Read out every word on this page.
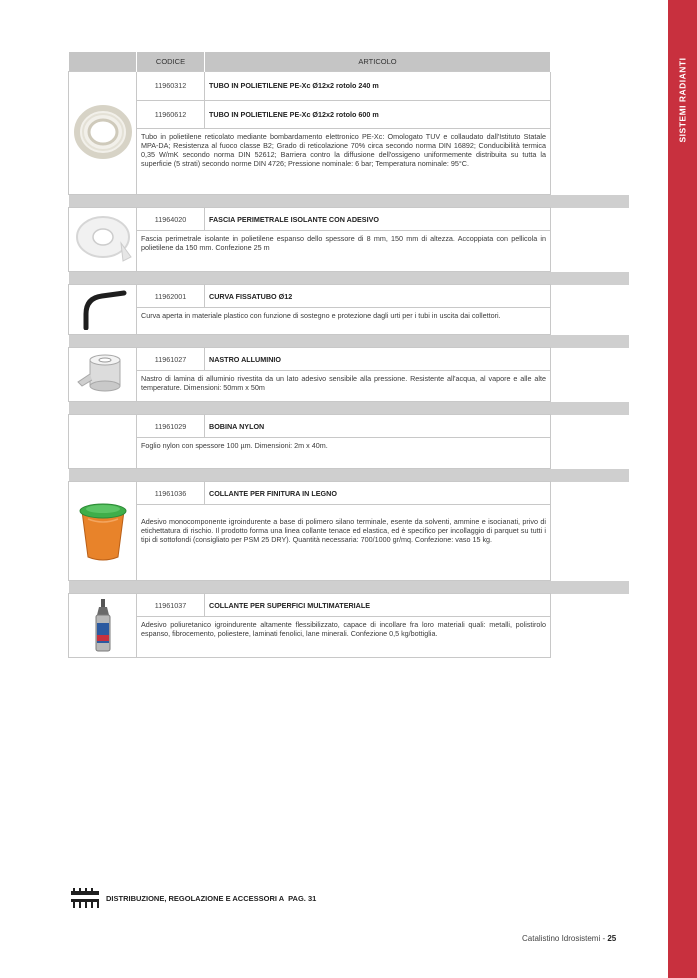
SISTEMI RADIANTI
	CODICE	ARTICOLO	
	11960312	TUBO IN POLIETILENE PE-Xc Ø12x2 rotolo 240 m	
	11960612	TUBO IN POLIETILENE PE-Xc Ø12x2 rotolo 600 m	
	Tubo in polietilene reticolato mediante bombardamento elettronico PE-Xc: Omologato TUV e collaudato dall'Istituto Statale MPA-DA; Resistenza al fuoco classe B2; Grado di reticolazione 70% circa secondo norma DIN 16892; Conducibilità termica 0,35 W/mK secondo norma DIN 52612; Barriera contro la diffusione dell'ossigeno uniformemente distribuita su tutta la superficie (5 strati) secondo norme DIN 4726; Pressione nominale: 6 bar; Temperatura nominale: 95°C.		

	11964020	FASCIA PERIMETRALE ISOLANTE CON ADESIVO	
	Fascia perimetrale isolante in polietilene espanso dello spessore di 8 mm, 150 mm di altezza. Accoppiata con pellicola in polietilene da 150 mm. Confezione 25 m		

	11962001	CURVA FISSATUBO Ø12	
	Curva aperta in materiale plastico con funzione di sostegno e protezione dagli urti per i tubi in uscita dai collettori.		

	11961027	NASTRO ALLUMINIO	
	Nastro di lamina di alluminio rivestita da un lato adesivo sensibile alla pressione. Resistente all'acqua, al vapore e alle alte temperature. Dimensioni: 50mm x 50m		

	11961029	BOBINA NYLON	
	Foglio nylon con spessore 100 µm. Dimensioni: 2m x 40m.		

	11961036	COLLANTE PER FINITURA IN LEGNO	
	Adesivo monocomponente igroindurente a base di polimero silano terminale, esente da solventi, ammine e isocianati, privo di etichettatura di rischio. Il prodotto forma una linea collante tenace ed elastica, ed è specifico per incollaggio di parquet su tutti i tipi di sottofondi (consigliato per PSM 25 DRY). Quantità necessaria: 700/1000 gr/mq. Confezione: vaso 15 kg.		

	11961037	COLLANTE PER SUPERFICI MULTIMATERIALE	
	Adesivo poliuretanico igroindurente altamente flessibilizzato, capace di incollare fra loro materiali quali: metalli, polistirolo espanso, fibrocemento, poliestere, laminati fenolici, lane minerali. Confezione 0,5 kg/bottiglia.		
DISTRIBUZIONE, REGOLAZIONE E ACCESSORI A  PAG. 31
Catalistino Idrosistemi - 25
